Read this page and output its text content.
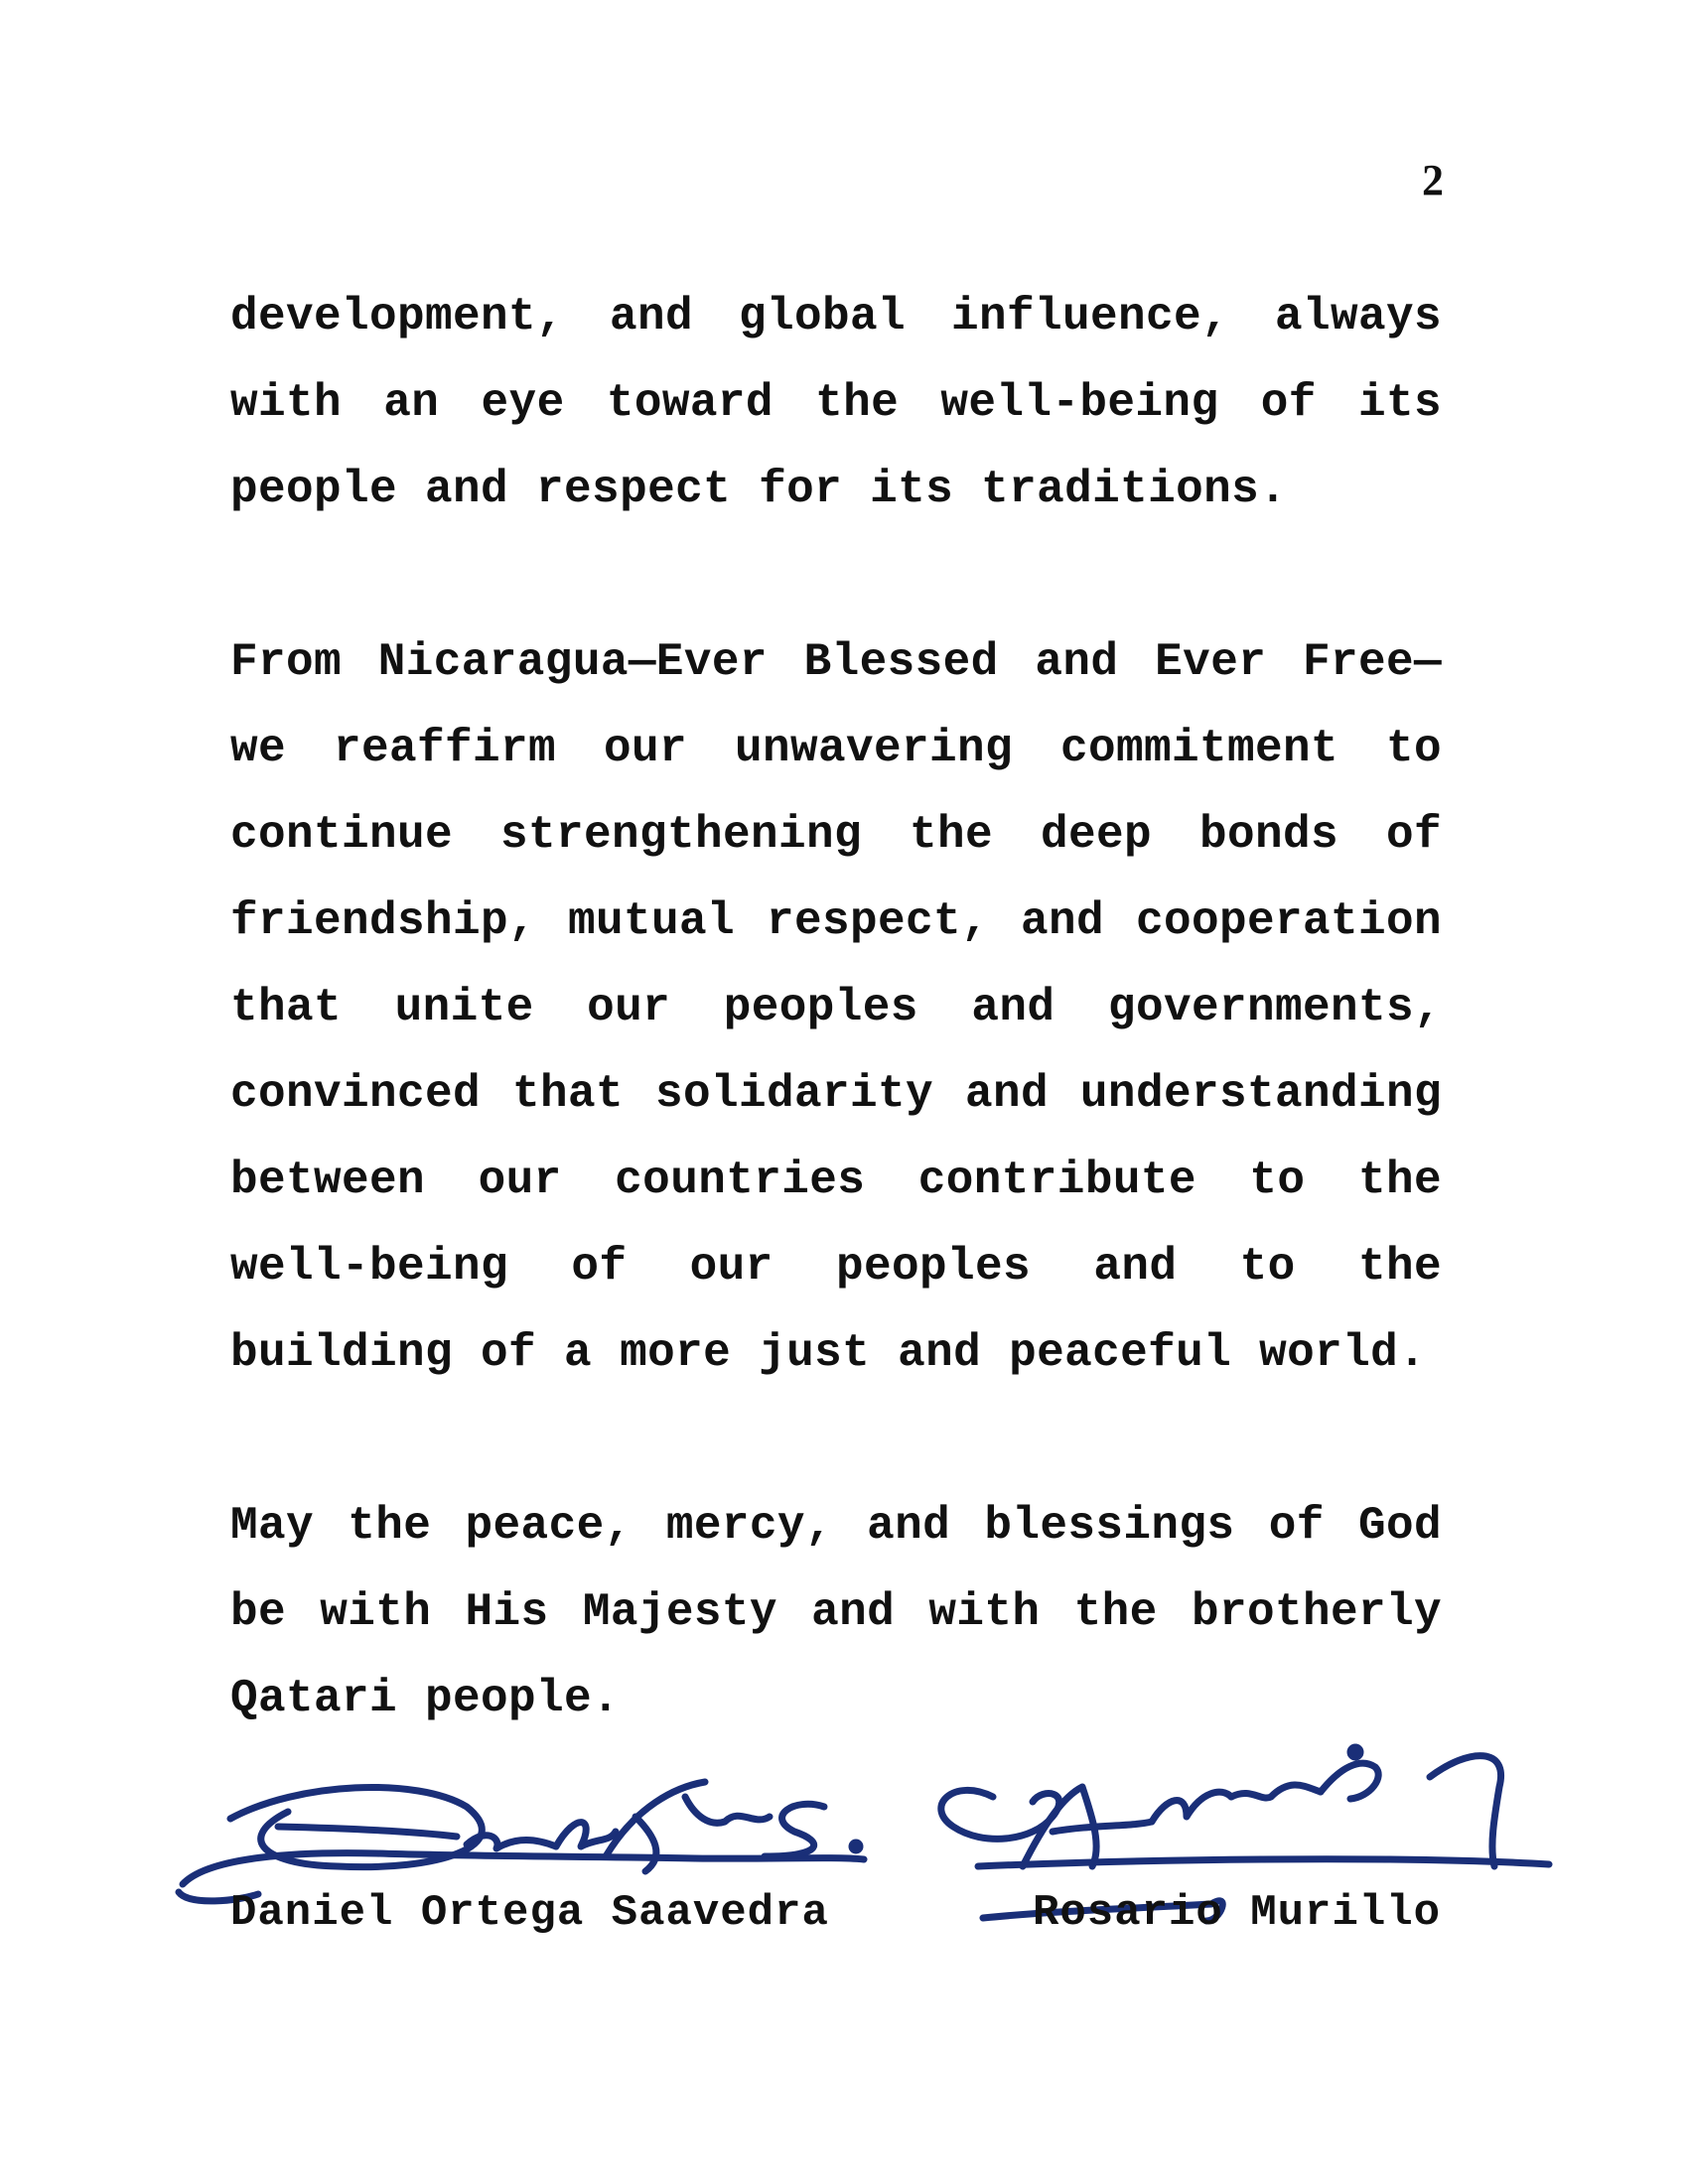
2

development, and global influence, always with an eye toward the well-being of its people and respect for its traditions.

From Nicaragua—Ever Blessed and Ever Free—we reaffirm our unwavering commitment to continue strengthening the deep bonds of friendship, mutual respect, and cooperation that unite our peoples and governments, convinced that solidarity and understanding between our countries contribute to the well-being of our peoples and to the building of a more just and peaceful world.

May the peace, mercy, and blessings of God be with His Majesty and with the brotherly Qatari people.

Daniel Ortega Saavedra	Rosario Murillo
